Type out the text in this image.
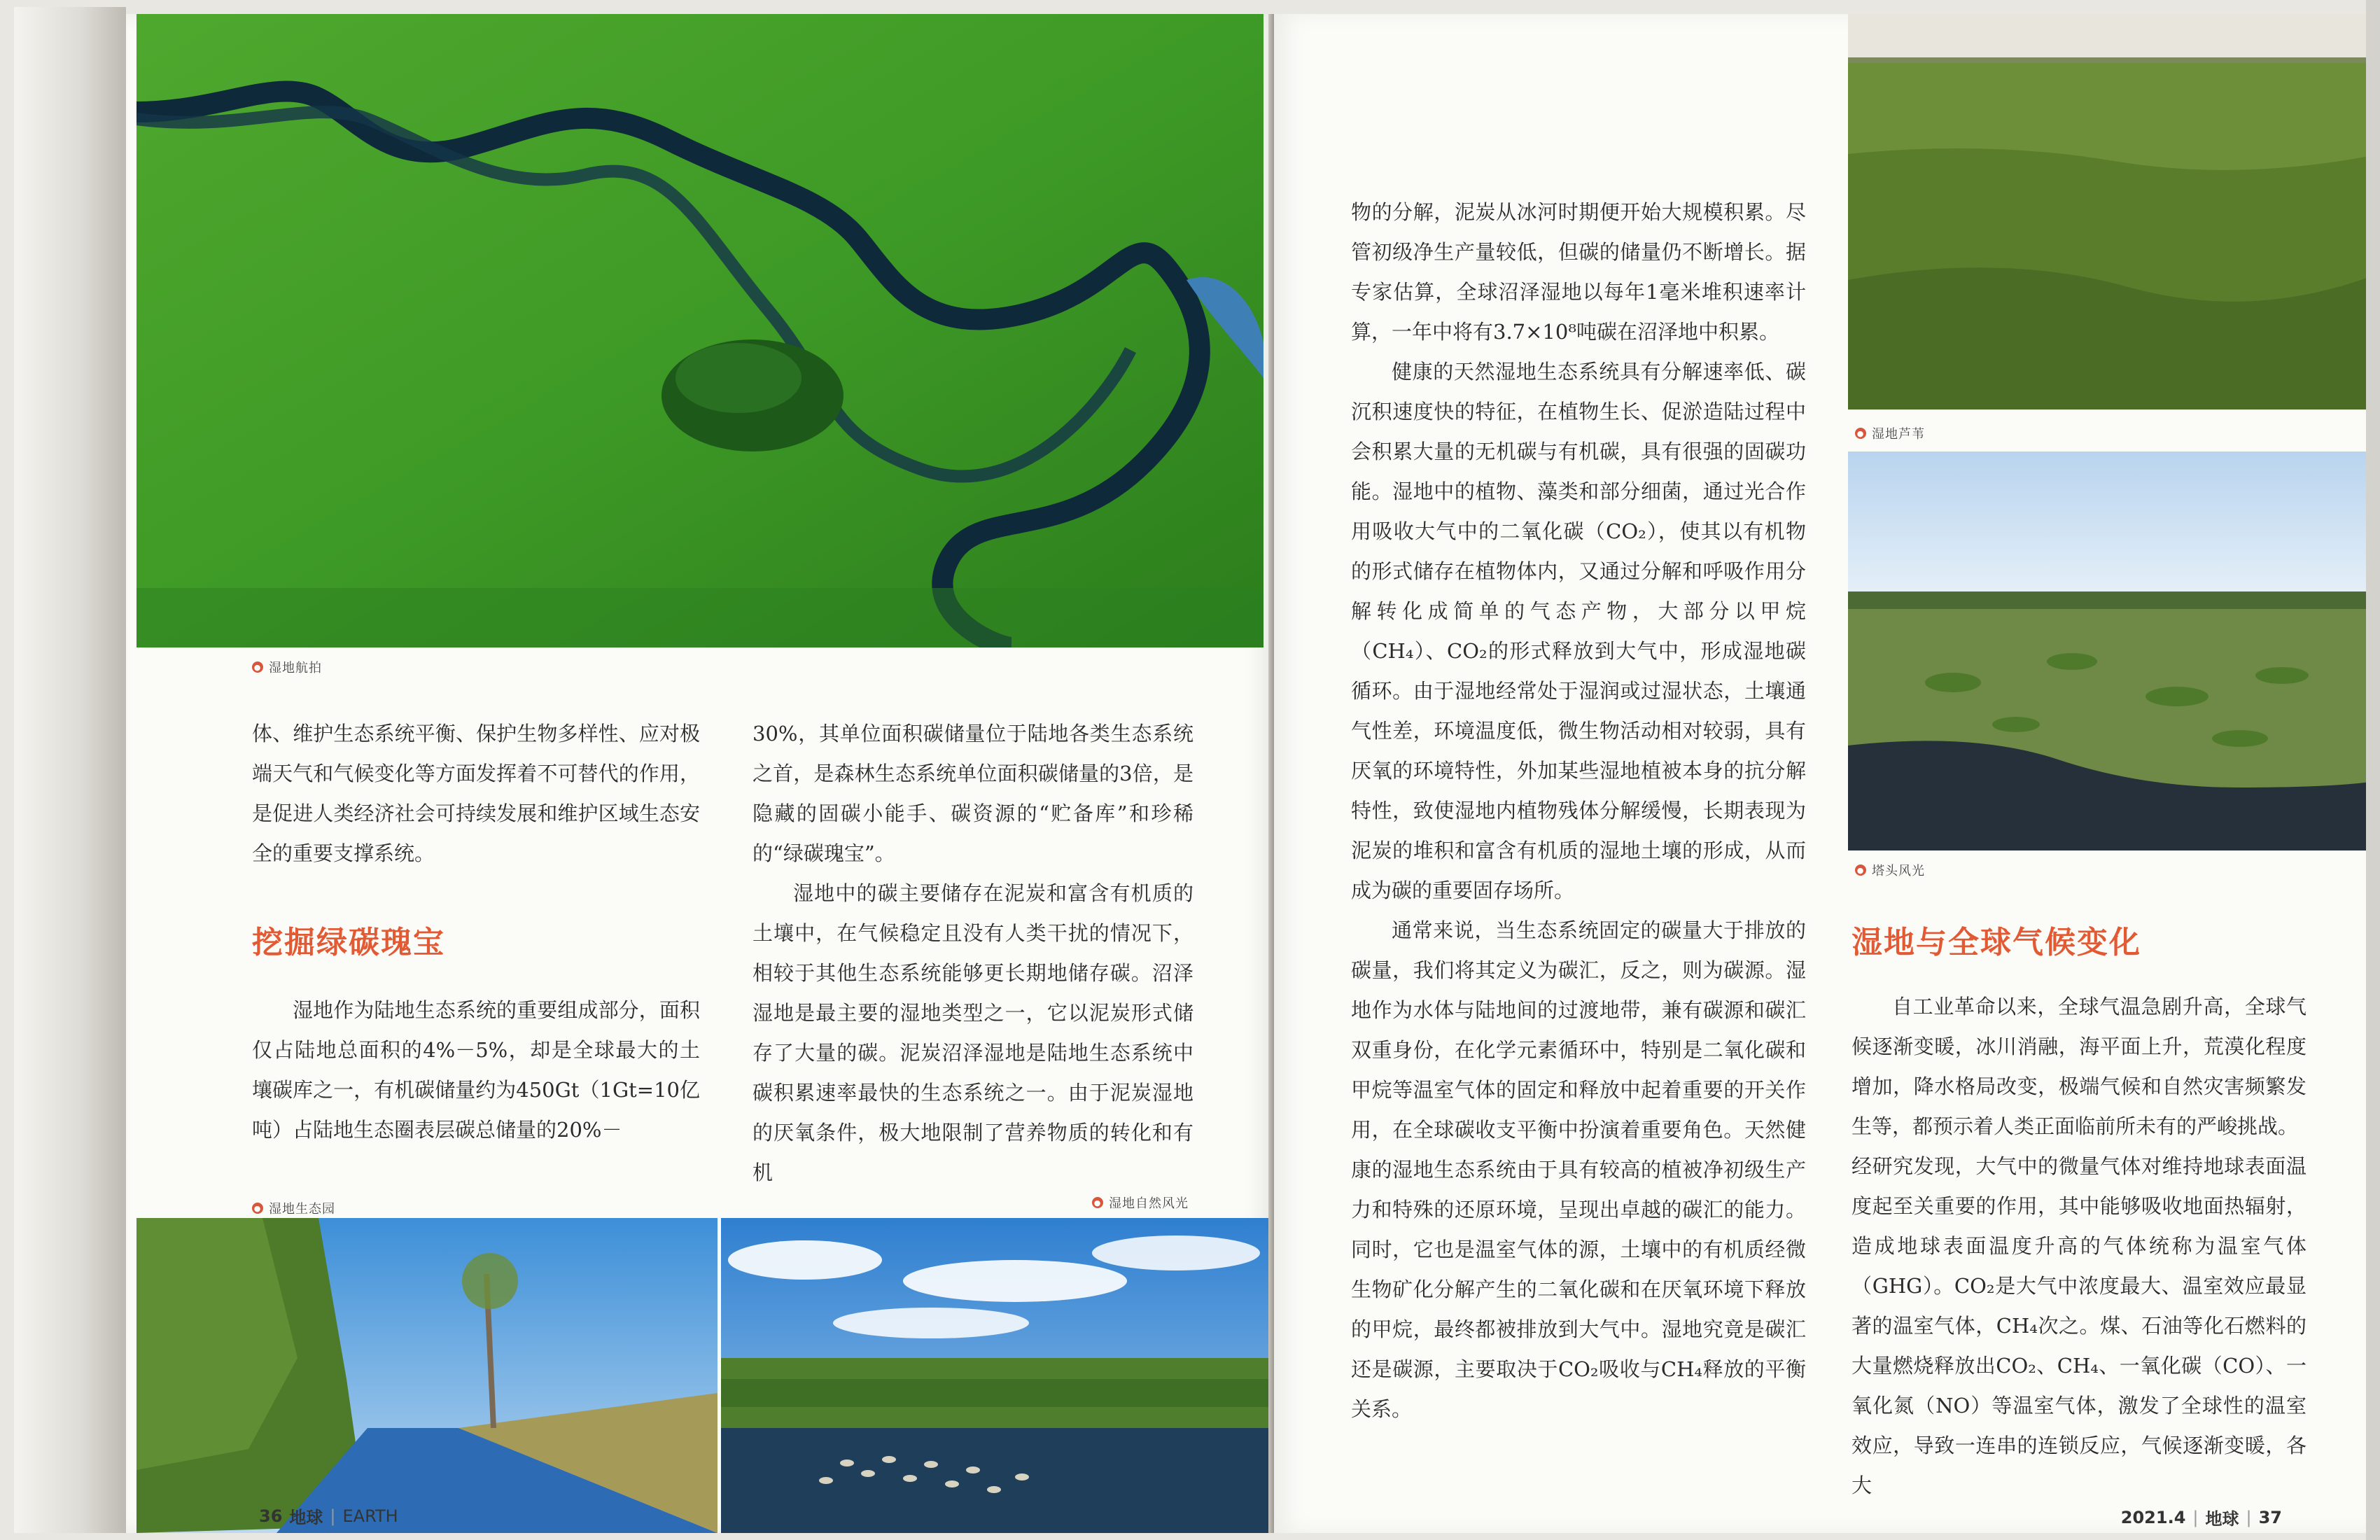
● 湿地航拍

体、维护生态系统平衡、保护生物多样性、应对极端天气和气候变化等方面发挥着不可替代的作用，是促进人类经济社会可持续发展和维护区域生态安全的重要支撑系统。

挖掘绿碳瑰宝

湿地作为陆地生态系统的重要组成部分，面积仅占陆地总面积的4%－5%，却是全球最大的土壤碳库之一，有机碳储量约为450Gt（1Gt=10亿吨）占陆地生态圈表层碳总储量的20%－

30%，其单位面积碳储量位于陆地各类生态系统之首，是森林生态系统单位面积碳储量的3倍，是隐藏的固碳小能手、碳资源的“贮备库”和珍稀的“绿碳瑰宝”。

湿地中的碳主要储存在泥炭和富含有机质的土壤中，在气候稳定且没有人类干扰的情况下，相较于其他生态系统能够更长期地储存碳。沼泽湿地是最主要的湿地类型之一，它以泥炭形式储存了大量的碳。泥炭沼泽湿地是陆地生态系统中碳积累速率最快的生态系统之一。由于泥炭湿地的厌氧条件，极大地限制了营养物质的转化和有机

● 湿地生态园	● 湿地自然风光
36 地球 | EARTH

物的分解，泥炭从冰河时期便开始大规模积累。尽管初级净生产量较低，但碳的储量仍不断增长。据专家估算，全球沼泽湿地以每年1毫米堆积速率计算，一年中将有3.7×10⁸吨碳在沼泽地中积累。

健康的天然湿地生态系统具有分解速率低、碳沉积速度快的特征，在植物生长、促淤造陆过程中会积累大量的无机碳与有机碳，具有很强的固碳功能。湿地中的植物、藻类和部分细菌，通过光合作用吸收大气中的二氧化碳（CO₂），使其以有机物的形式储存在植物体内，又通过分解和呼吸作用分解转化成简单的气态产物，大部分以甲烷（CH₄）、CO₂的形式释放到大气中，形成湿地碳循环。由于湿地经常处于湿润或过湿状态，土壤通气性差，环境温度低，微生物活动相对较弱，具有厌氧的环境特性，外加某些湿地植被本身的抗分解特性，致使湿地内植物残体分解缓慢，长期表现为泥炭的堆积和富含有机质的湿地土壤的形成，从而成为碳的重要固存场所。

通常来说，当生态系统固定的碳量大于排放的碳量，我们将其定义为碳汇，反之，则为碳源。湿地作为水体与陆地间的过渡地带，兼有碳源和碳汇双重身份，在化学元素循环中，特别是二氧化碳和甲烷等温室气体的固定和释放中起着重要的开关作用，在全球碳收支平衡中扮演着重要角色。天然健康的湿地生态系统由于具有较高的植被净初级生产力和特殊的还原环境，呈现出卓越的碳汇的能力。同时，它也是温室气体的源，土壤中的有机质经微生物矿化分解产生的二氧化碳和在厌氧环境下释放的甲烷，最终都被排放到大气中。湿地究竟是碳汇还是碳源，主要取决于CO₂吸收与CH₄释放的平衡关系。

● 湿地芦苇
● 塔头风光
湿地与全球气候变化

自工业革命以来，全球气温急剧升高，全球气候逐渐变暖，冰川消融，海平面上升，荒漠化程度增加，降水格局改变，极端气候和自然灾害频繁发生等，都预示着人类正面临前所未有的严峻挑战。

经研究发现，大气中的微量气体对维持地球表面温度起至关重要的作用，其中能够吸收地面热辐射，造成地球表面温度升高的气体统称为温室气体（GHG）。CO₂是大气中浓度最大、温室效应最显著的温室气体，CH₄次之。煤、石油等化石燃料的大量燃烧释放出CO₂、CH₄、一氧化碳（CO）、一氧化氮（NO）等温室气体，激发了全球性的温室效应，导致一连串的连锁反应，气候逐渐变暖，各大

2021.4 | 地球 | 37
